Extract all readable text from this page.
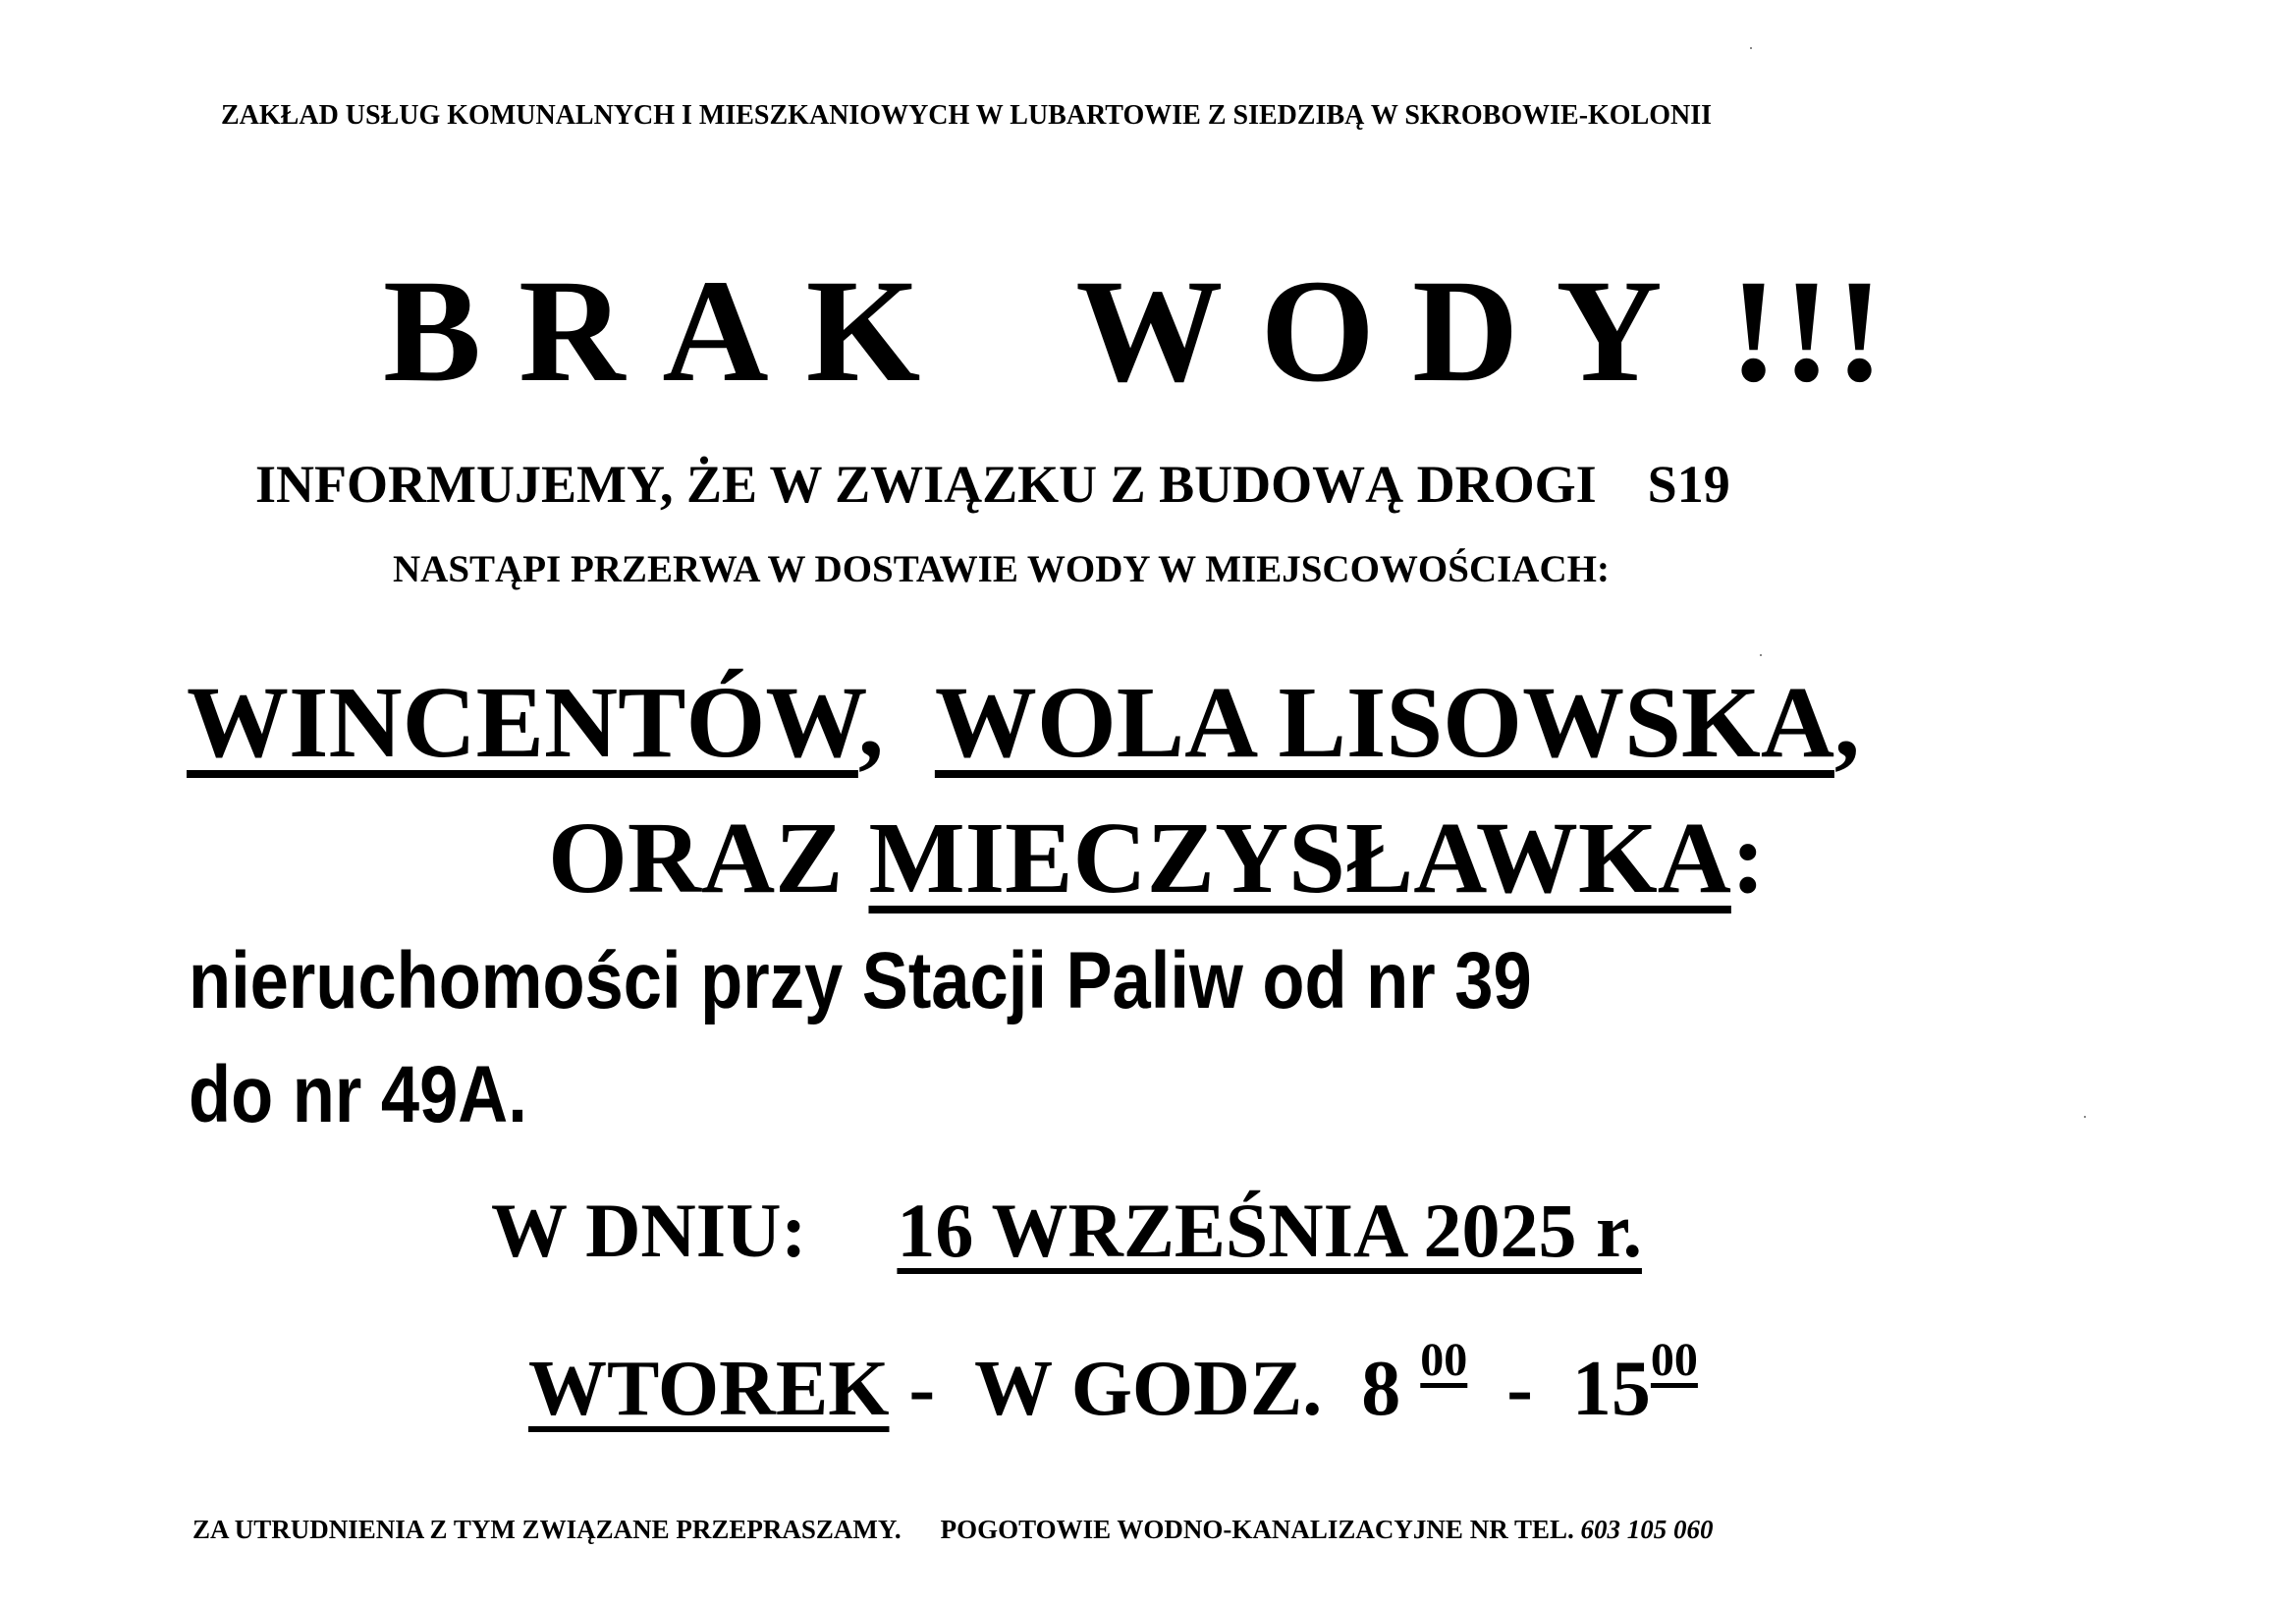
ZAKŁAD USŁUG KOMUNALNYCH I MIESZKANIOWYCH W LUBARTOWIE Z SIEDZIBĄ W SKROBOWIE-KOLONII
BRAK WODY !!!
INFORMUJEMY, ŻE W ZWIĄZKU Z BUDOWĄ DROGI S19
NASTĄPI PRZERWA W DOSTAWIE WODY W MIEJSCOWOŚCIACH:
WINCENTÓW,  WOLA LISOWSKA,
ORAZ MIECZYSŁAWKA:
nieruchomości przy Stacji Paliw od nr 39
do nr 49A.
W DNIU: 16 WRZEŚNIA 2025 r.
WTOREK -  W GODZ. 8 $^{00} - 15^{00}$
ZA UTRUDNIENIA Z TYM ZWIĄZANE PRZEPRASZAMY. POGOTOWIE WODNO-KANALIZACYJNE NR TEL. 603 105 060
